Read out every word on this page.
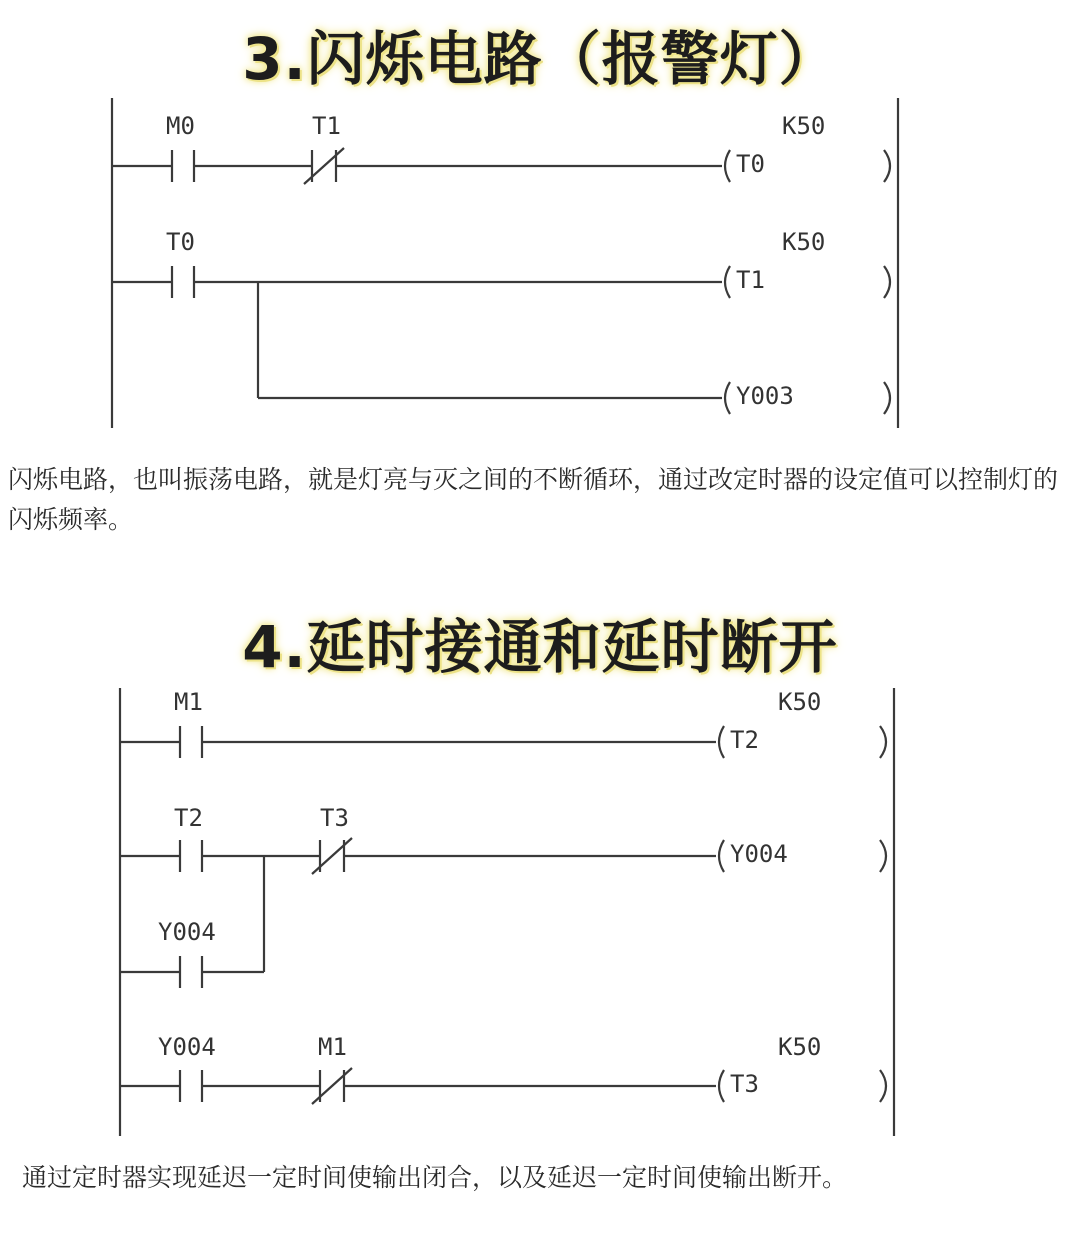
3.闪烁电路（报警灯）
4.延时接通和延时断开
M0	T1	K50
T0
T0	K50
T1
Y003
M1	K50
T2
T2	T3
Y004
Y004
Y004	M1	K50
T3
闪烁电路，也叫振荡电路，就是灯亮与灭之间的不断循环，通过改定时器的设定值可以控制灯的闪烁频率。
通过定时器实现延迟一定时间使输出闭合，以及延迟一定时间使输出断开。
